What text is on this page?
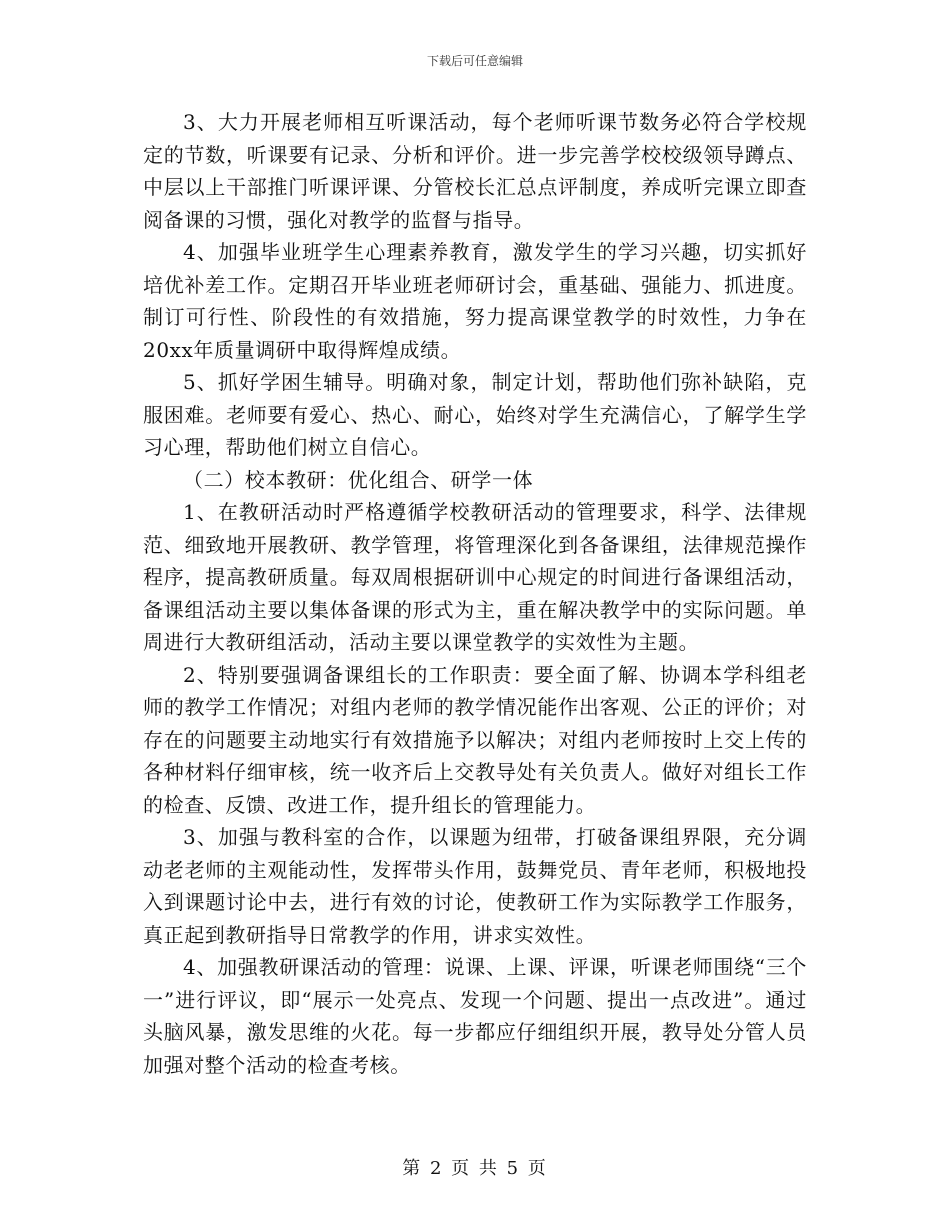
下载后可任意编辑

3、大力开展老师相互听课活动，每个老师听课节数务必符合学校规定的节数，听课要有记录、分析和评价。进一步完善学校校级领导蹲点、中层以上干部推门听课评课、分管校长汇总点评制度，养成听完课立即查阅备课的习惯，强化对教学的监督与指导。

4、加强毕业班学生心理素养教育，激发学生的学习兴趣，切实抓好培优补差工作。定期召开毕业班老师研讨会，重基础、强能力、抓进度。制订可行性、阶段性的有效措施，努力提高课堂教学的时效性，力争在20xx年质量调研中取得辉煌成绩。

5、抓好学困生辅导。明确对象，制定计划，帮助他们弥补缺陷，克服困难。老师要有爱心、热心、耐心，始终对学生充满信心，了解学生学习心理，帮助他们树立自信心。

（二）校本教研：优化组合、研学一体

1、在教研活动时严格遵循学校教研活动的管理要求，科学、法律规范、细致地开展教研、教学管理，将管理深化到各备课组，法律规范操作程序，提高教研质量。每双周根据研训中心规定的时间进行备课组活动，备课组活动主要以集体备课的形式为主，重在解决教学中的实际问题。单周进行大教研组活动，活动主要以课堂教学的实效性为主题。

2、特别要强调备课组长的工作职责：要全面了解、协调本学科组老师的教学工作情况；对组内老师的教学情况能作出客观、公正的评价；对存在的问题要主动地实行有效措施予以解决；对组内老师按时上交上传的各种材料仔细审核，统一收齐后上交教导处有关负责人。做好对组长工作的检查、反馈、改进工作，提升组长的管理能力。

3、加强与教科室的合作，以课题为纽带，打破备课组界限，充分调动老老师的主观能动性，发挥带头作用，鼓舞党员、青年老师，积极地投入到课题讨论中去，进行有效的讨论，使教研工作为实际教学工作服务，真正起到教研指导日常教学的作用，讲求实效性。

4、加强教研课活动的管理：说课、上课、评课，听课老师围绕“三个一”进行评议，即“展示一处亮点、发现一个问题、提出一点改进”。通过头脑风暴，激发思维的火花。每一步都应仔细组织开展，教导处分管人员加强对整个活动的检查考核。

第 2 页 共 5 页
